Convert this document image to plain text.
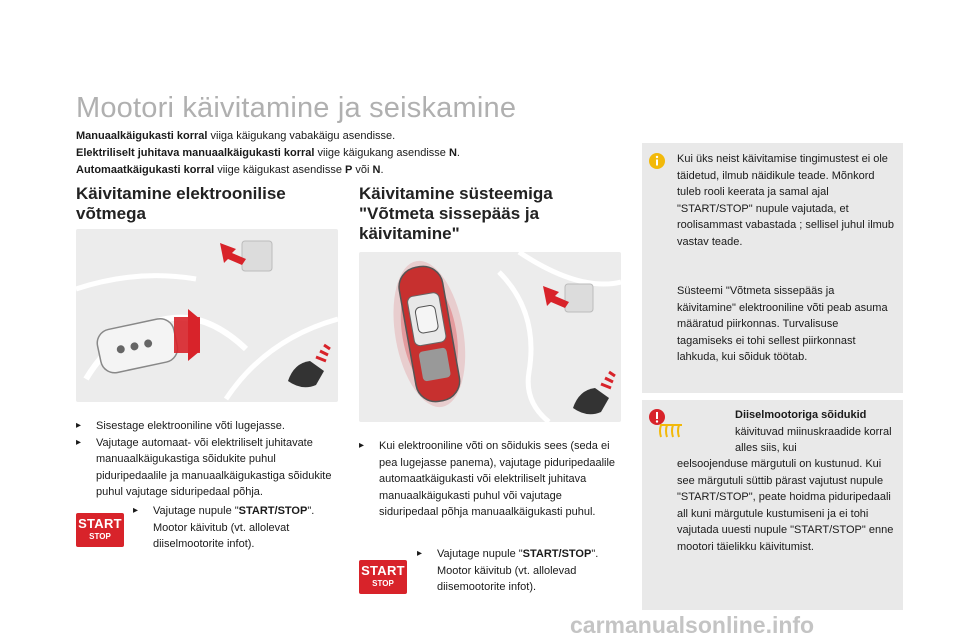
Mootori käivitamine ja seiskamine
Manuaalkäigukasti korral viiga käigukang vabakäigu asendisse.
Elektriliselt juhitava manuaalkäigukasti korral viige käigukang asendisse N.
Automaatkäigukasti korral viige käigukast asendisse P või N.
Käivitamine elektroonilise
võtmega
▸ Sisestage elektrooniline võti lugejasse.
▸ Vajutage automaat- või elektriliselt juhitavate manuaalkäigukastiga sõidukite puhul piduripedaalile ja manuaalkäigukastiga sõidukite puhul vajutage siduripedaal põhja.
START
STOP
▸ Vajutage nupule "START/STOP".
Mootor käivitub (vt. allolevat
diiselmootorite infot).
Käivitamine süsteemiga
"Võtmeta sissepääs ja
käivitamine"
▸ Kui elektrooniline võti on sõidukis sees (seda ei pea lugejasse panema), vajutage piduripedaalile automaatkäigukasti või elektriliselt juhitava manuaalkäigukasti puhul või vajutage siduripedaal põhja manuaalkäigukasti puhul.
START
STOP
▸ Vajutage nupule "START/STOP".
Mootor käivitub (vt. allolevad
diisemootorite infot).
Kui üks neist käivitamise tingimustest ei ole täidetud, ilmub näidikule teade. Mõnkord tuleb rooli keerata ja samal ajal "START/STOP" nupule vajutada, et roolisammast vabastada ; sellisel juhul ilmub vastav teade.
Süsteemi "Võtmeta sissepääs ja käivitamine" elektrooniline võti peab asuma määratud piirkonnas. Turvalisuse tagamiseks ei tohi sellest piirkonnast lahkuda, kui sõiduk töötab.
Diiselmootoriga sõidukid
käivituvad miinuskraadide korral alles siis, kui
eelsoojenduse märgutuli on kustunud. Kui see märgutuli süttib pärast vajutust nupule "START/STOP", peate hoidma piduripedaali all kuni märgutule kustumiseni ja ei tohi vajutada uuesti nupule "START/STOP" enne mootori täielikku käivitumist.
carmanualsonline.info
